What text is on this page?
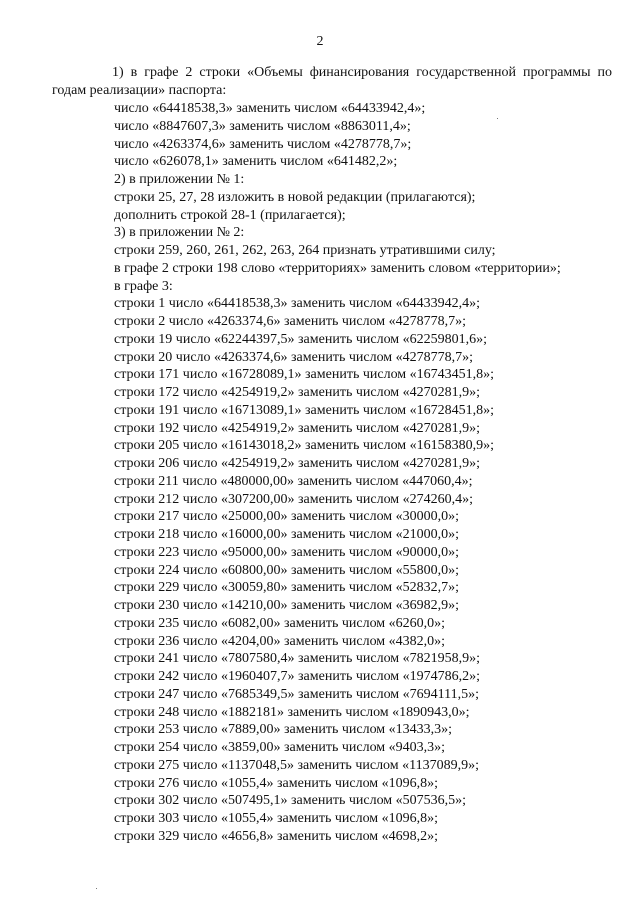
2

1) в графе 2 строки «Объемы финансирования государственной программы по годам реализации» паспорта:

число «64418538,3» заменить числом «64433942,4»;
число «8847607,3» заменить числом «8863011,4»;
число «4263374,6» заменить числом «4278778,7»;
число «626078,1» заменить числом «641482,2»;
2) в приложении № 1:
строки 25, 27, 28 изложить в новой редакции (прилагаются);
дополнить строкой 28-1 (прилагается);
3) в приложении № 2:
строки 259, 260, 261, 262, 263, 264 признать утратившими силу;
в графе 2 строки 198 слово «территориях» заменить словом «территории»;
в графе 3:
строки 1 число «64418538,3» заменить числом «64433942,4»;
строки 2 число «4263374,6» заменить числом «4278778,7»;
строки 19 число «62244397,5» заменить числом «62259801,6»;
строки 20 число «4263374,6» заменить числом «4278778,7»;
строки 171 число «16728089,1» заменить числом «16743451,8»;
строки 172 число «4254919,2» заменить числом «4270281,9»;
строки 191 число «16713089,1» заменить числом «16728451,8»;
строки 192 число «4254919,2» заменить числом «4270281,9»;
строки 205 число «16143018,2» заменить числом «16158380,9»;
строки 206 число «4254919,2» заменить числом «4270281,9»;
строки 211 число «480000,00» заменить числом «447060,4»;
строки 212 число «307200,00» заменить числом «274260,4»;
строки 217 число «25000,00» заменить числом «30000,0»;
строки 218 число «16000,00» заменить числом «21000,0»;
строки 223 число «95000,00» заменить числом «90000,0»;
строки 224 число «60800,00» заменить числом «55800,0»;
строки 229 число «30059,80» заменить числом «52832,7»;
строки 230 число «14210,00» заменить числом «36982,9»;
строки 235 число «6082,00» заменить числом «6260,0»;
строки 236 число «4204,00» заменить числом «4382,0»;
строки 241 число «7807580,4» заменить числом «7821958,9»;
строки 242 число «1960407,7» заменить числом «1974786,2»;
строки 247 число «7685349,5» заменить числом «7694111,5»;
строки 248 число «1882181» заменить числом «1890943,0»;
строки 253 число «7889,00» заменить числом «13433,3»;
строки 254 число «3859,00» заменить числом «9403,3»;
строки 275 число «1137048,5» заменить числом «1137089,9»;
строки 276 число «1055,4» заменить числом «1096,8»;
строки 302 число «507495,1» заменить числом «507536,5»;
строки 303 число «1055,4» заменить числом «1096,8»;
строки 329 число «4656,8» заменить числом «4698,2»;
